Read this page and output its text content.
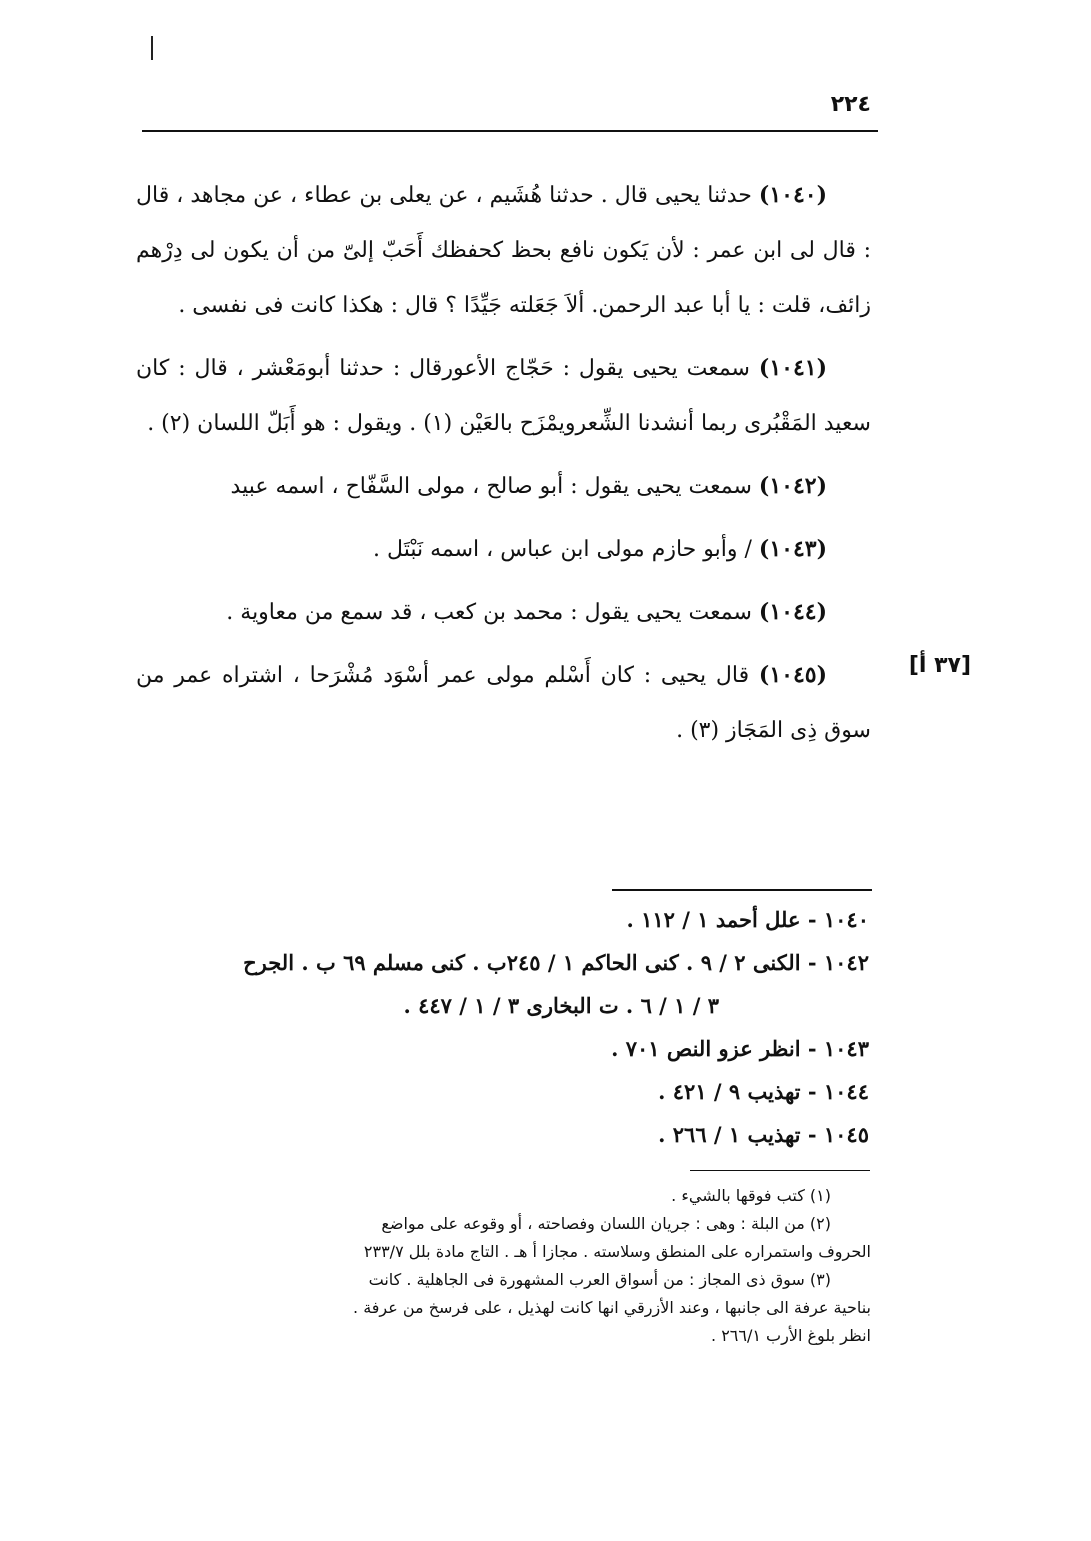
٢٢٤

(١٠٤٠) حدثنا يحيى قال . حدثنا هُشَيم ، عن يعلى بن عطاء ، عن مجاهد ، قال : قال لى ابن عمر : لأن يَكون نافع بحظ كحفظك أَحَبّ إلىّ من أن يكون لى دِرْهم زائف، قلت : يا أبا عبد الرحمن. ألاَ جَعَلته جَيِّدًا ؟ قال : هكذا كانت فى نفسى .

(١٠٤١) سمعت يحيى يقول : حَجّاج الأعورقال : حدثنا أبومَعْشر ، قال : كان سعيد المَقْبُرى ربما أنشدنا الشِّعرويمْزَح بالعَيْن (١) . ويقول : هو أَبَلّ اللسان (٢) .

(١٠٤٢) سمعت يحيى يقول : أبو صالح ، مولى السَّفّاح ، اسمه عبيد

(١٠٤٣) / وأبو حازم مولى ابن عباس ، اسمه نَبْتَل .

(١٠٤٤) سمعت يحيى يقول : محمد بن كعب ، قد سمع من معاوية .

(١٠٤٥) قال يحيى : كان أَسْلم مولى عمر أسْوَد مُشْرَحا ، اشتراه عمر من سوق ذِى المَجَاز (٣) .

[٣٧ أ]
١٠٤٠ - علل أحمد ١ / ١١٢ .
١٠٤٢ - الكنى ٢ / ٩ . كنى الحاكم ١ / ٢٤٥ب . كنى مسلم ٦٩ ب . الجرح
٣ / ١ / ٦ . ت البخارى ٣ / ١ / ٤٤٧ .
١٠٤٣ - انظر عزو النص ٧٠١ .
١٠٤٤ - تهذيب ٩ / ٤٢١ .
١٠٤٥ - تهذيب ١ / ٢٦٦ .

(١) كتب فوقها بالشيء .

(٢) من البلة : وهى : جريان اللسان وفصاحته ، أو وقوعه على مواضع

الحروف واستمراره على المنطق وسلاسته . مجازا أ هـ . التاج مادة بلل ٢٣٣/٧

(٣) سوق ذى المجاز : من أسواق العرب المشهورة فى الجاهلية . كانت

بناحية عرفة الى جانبها ، وعند الأزرقي انها كانت لهذيل ، على فرسخ من عرفة .

انظر بلوغ الأرب ٢٦٦/١ .
